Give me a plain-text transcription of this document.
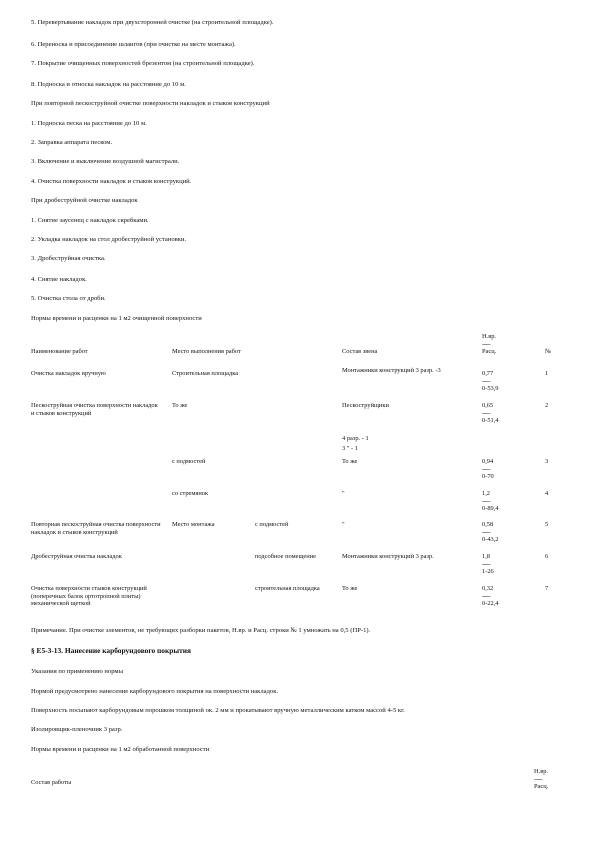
5. Перевертывание накладок при двухсторонней очистке (на строительной площадке).
6. Переноска и присоединение шлангов (при очистке на месте монтажа).
7. Покрытие очищенных поверхностей брезентом (на строительной площадке).
8. Подноска и относка накладок на расстояние до 10 м.
При повторной пескоструйной очистке поверхности накладок и стыков конструкций
1. Подноска песка на расстояние до 10 м.
2. Заправка аппарата песком.
3. Включение и выключение воздушной магистрали.
4. Очистка поверхности накладок и стыков конструкций.
При дробеструйной очистке накладок
1. Снятие заусенец с накладок скребками.
2. Укладка накладок на стол дробеструйной установки.
3. Дробеструйная очистка.
4. Снятие накладок.
5. Очистка стола от дроби.
Нормы времени и расценки на 1 м2 очищенной поверхности
Наименование работ	Место выполнения работ	Состав звена
Н.вр.
-----
Расц.	№
Очистка накладок вручную	Строительная площадка	Монтажники конструкций 3 разр. -3	0,77
-----
0-53,9
1
Пескоструйная очистка поверхности накладок и стыков конструкций
То же	Пескоструйщики	0,65
-----
0-51,4
2
4 разр. - 1
3 " - 1
с подмостей	То же	0,94
-----
0-70
3
со стремянок	"	1,2
-----
0-89,4
4
Повторная пескоструйная очистка поверхности накладок и стыков конструкций
Место монтажа	с подмостей	"	0,58
-----
0-43,2
5
Дробеструйная очистка накладок	подсобное помещение	Монтажники конструкций 3 разр.	1,8
-----
1-26
6
Очистка поверхности стыков конструкций (поперечных балок ортотропной плиты) механической щеткой
строительная площадка	То же	0,32
-----
0-22,4
7
Примечание. При очистке элементов, не требующих разборки пакетов, Н.вр. и Расц. строки № 1 умножать на 0,5 (ПР-1).
§ Е5-3-13. Нанесение карборундового покрытия
Указания по применению нормы
Нормой предусмотрено нанесение карборундового покрытия на поверхности накладок.
Поверхность посыпают карборундовым порошком толщиной ок. 2 мм и прокатывают вручную металлическим катком массой 4-5 кг.
Изолировщик-пленочник 3 разр.
Нормы времени и расценки на 1 м2 обработанной поверхности
Состав работы
Н.вр.
-----
Расц.
